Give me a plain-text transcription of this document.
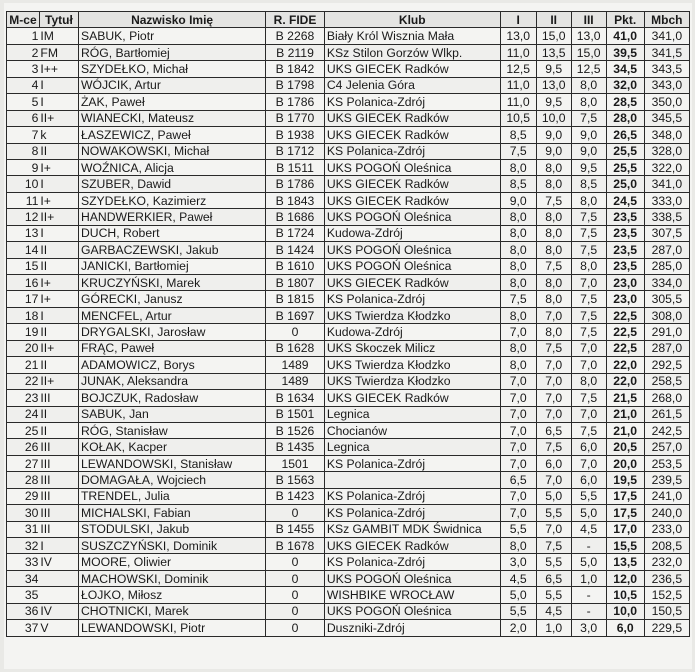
M-ce	Tytuł	Nazwisko Imię	R. FIDE	Klub	I	II	III	Pkt.	Mbch
1	IM	SABUK, Piotr	B 2268	Biały Król Wisznia Mała	13,0	15,0	13,0	41,0	341,0
2	FM	RÓG, Bartłomiej	B 2119	KSz Stilon Gorzów Wlkp.	11,0	13,5	15,0	39,5	341,5
3	I++	SZYDEŁKO, Michał	B 1842	UKS GIECEK Radków	12,5	9,5	12,5	34,5	343,5
4	I	WÓJCIK, Artur	B 1798	C4 Jelenia Góra	11,0	13,0	8,0	32,0	343,0
5	I	ŻAK, Paweł	B 1786	KS Polanica-Zdrój	11,0	9,5	8,0	28,5	350,0
6	II+	WIANECKI, Mateusz	B 1770	UKS GIECEK Radków	10,5	10,0	7,5	28,0	345,5
7	k	ŁASZEWICZ, Paweł	B 1938	UKS GIECEK Radków	8,5	9,0	9,0	26,5	348,0
8	II	NOWAKOWSKI, Michał	B 1712	KS Polanica-Zdrój	7,5	9,0	9,0	25,5	328,0
9	I+	WOŹNICA, Alicja	B 1511	UKS POGOŃ Oleśnica	8,0	8,0	9,5	25,5	322,0
10	I	SZUBER, Dawid	B 1786	UKS GIECEK Radków	8,5	8,0	8,5	25,0	341,0
11	I+	SZYDEŁKO, Kazimierz	B 1843	UKS GIECEK Radków	9,0	7,5	8,0	24,5	333,0
12	II+	HANDWERKIER, Paweł	B 1686	UKS POGOŃ Oleśnica	8,0	8,0	7,5	23,5	338,5
13	I	DUCH, Robert	B 1724	Kudowa-Zdrój	8,0	8,0	7,5	23,5	307,5
14	II	GARBACZEWSKI, Jakub	B 1424	UKS POGOŃ Oleśnica	8,0	8,0	7,5	23,5	287,0
15	II	JANICKI, Bartłomiej	B 1610	UKS POGOŃ Oleśnica	8,0	7,5	8,0	23,5	285,0
16	I+	KRUCZYŃSKI, Marek	B 1807	UKS GIECEK Radków	8,0	8,0	7,0	23,0	334,0
17	I+	GÓRECKI, Janusz	B 1815	KS Polanica-Zdrój	7,5	8,0	7,5	23,0	305,5
18	I	MENCFEL, Artur	B 1697	UKS Twierdza Kłodzko	8,0	7,0	7,5	22,5	308,0
19	II	DRYGALSKI, Jarosław	0	Kudowa-Zdrój	7,0	8,0	7,5	22,5	291,0
20	II+	FRĄC, Paweł	B 1628	UKS Skoczek Milicz	8,0	7,5	7,0	22,5	287,0
21	II	ADAMOWICZ, Borys	1489	UKS Twierdza Kłodzko	8,0	7,0	7,0	22,0	292,5
22	II+	JUNAK, Aleksandra	1489	UKS Twierdza Kłodzko	7,0	7,0	8,0	22,0	258,5
23	III	BOJCZUK, Radosław	B 1634	UKS GIECEK Radków	7,0	7,0	7,5	21,5	268,0
24	II	SABUK, Jan	B 1501	Legnica	7,0	7,0	7,0	21,0	261,5
25	II	RÓG, Stanisław	B 1526	Chocianów	7,0	6,5	7,5	21,0	242,5
26	III	KOŁAK, Kacper	B 1435	Legnica	7,0	7,5	6,0	20,5	257,0
27	III	LEWANDOWSKI, Stanisław	1501	KS Polanica-Zdrój	7,0	6,0	7,0	20,0	253,5
28	III	DOMAGAŁA, Wojciech	B 1563		6,5	7,0	6,0	19,5	239,5
29	III	TRENDEL, Julia	B 1423	KS Polanica-Zdrój	7,0	5,0	5,5	17,5	241,0
30	III	MICHALSKI, Fabian	0	KS Polanica-Zdrój	7,0	5,5	5,0	17,5	240,0
31	III	STODULSKI, Jakub	B 1455	KSz GAMBIT MDK Świdnica	5,5	7,0	4,5	17,0	233,0
32	I	SUSZCZYŃSKI, Dominik	B 1678	UKS GIECEK Radków	8,0	7,5	-	15,5	208,5
33	IV	MOORE, Oliwier	0	KS Polanica-Zdrój	3,0	5,5	5,0	13,5	232,0
34		MACHOWSKI, Dominik	0	UKS POGOŃ Oleśnica	4,5	6,5	1,0	12,0	236,5
35		ŁOJKO, Miłosz	0	WISHBIKE WROCŁAW	5,0	5,5	-	10,5	152,5
36	IV	CHOTNICKI, Marek	0	UKS POGOŃ Oleśnica	5,5	4,5	-	10,0	150,5
37	V	LEWANDOWSKI, Piotr	0	Duszniki-Zdrój	2,0	1,0	3,0	6,0	229,5
